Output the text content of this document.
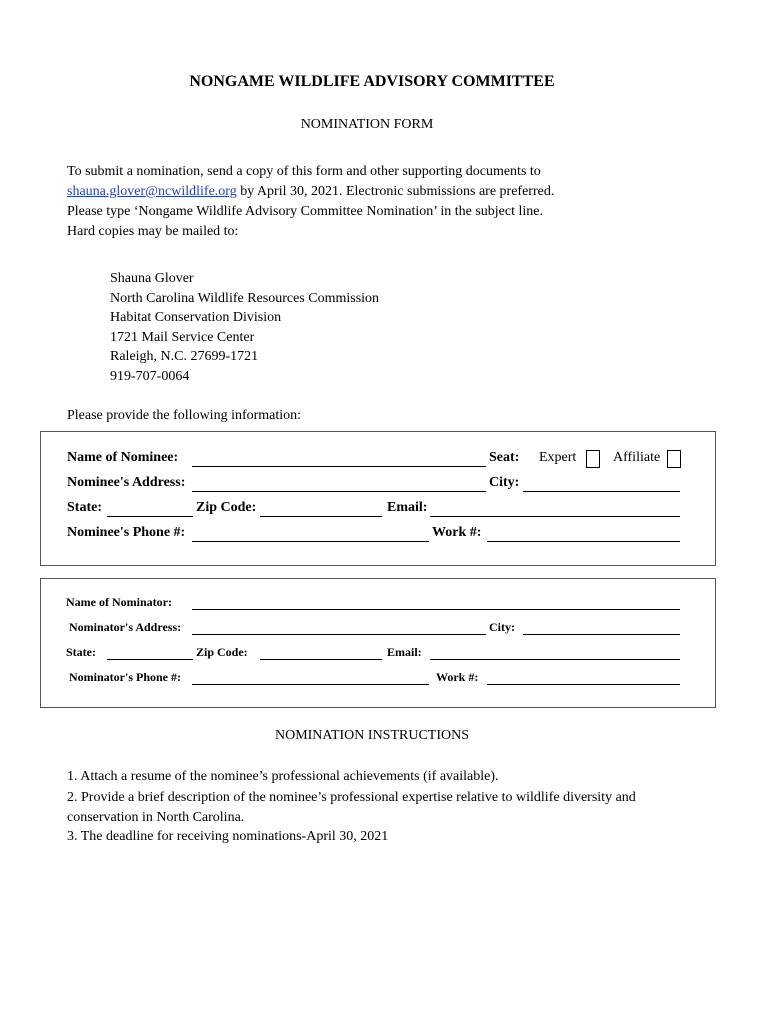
NONGAME WILDLIFE ADVISORY COMMITTEE
NOMINATION FORM
To submit a nomination, send a copy of this form and other supporting documents to
shauna.glover@ncwildlife.org by April 30, 2021. Electronic submissions are preferred.
Please type ‘Nongame Wildlife Advisory Committee Nomination’ in the subject line.
Hard copies may be mailed to:
Shauna Glover
North Carolina Wildlife Resources Commission
Habitat Conservation Division
1721 Mail Service Center
Raleigh, N.C. 27699-1721
919-707-0064
Please provide the following information:
Name of Nominee:	Seat: Expert	Affiliate
Nominee's Address:	City:
State:	Zip Code:	Email:
Nominee's Phone #:	Work #:
Name of Nominator:
Nominator's Address:	City:
State:	Zip Code:	Email:
Nominator's Phone #:	Work #:
NOMINATION INSTRUCTIONS
1. Attach a resume of the nominee’s professional achievements (if available).
2. Provide a brief description of the nominee’s professional expertise relative to wildlife diversity and conservation in North Carolina.
3. The deadline for receiving nominations-April 30, 2021
